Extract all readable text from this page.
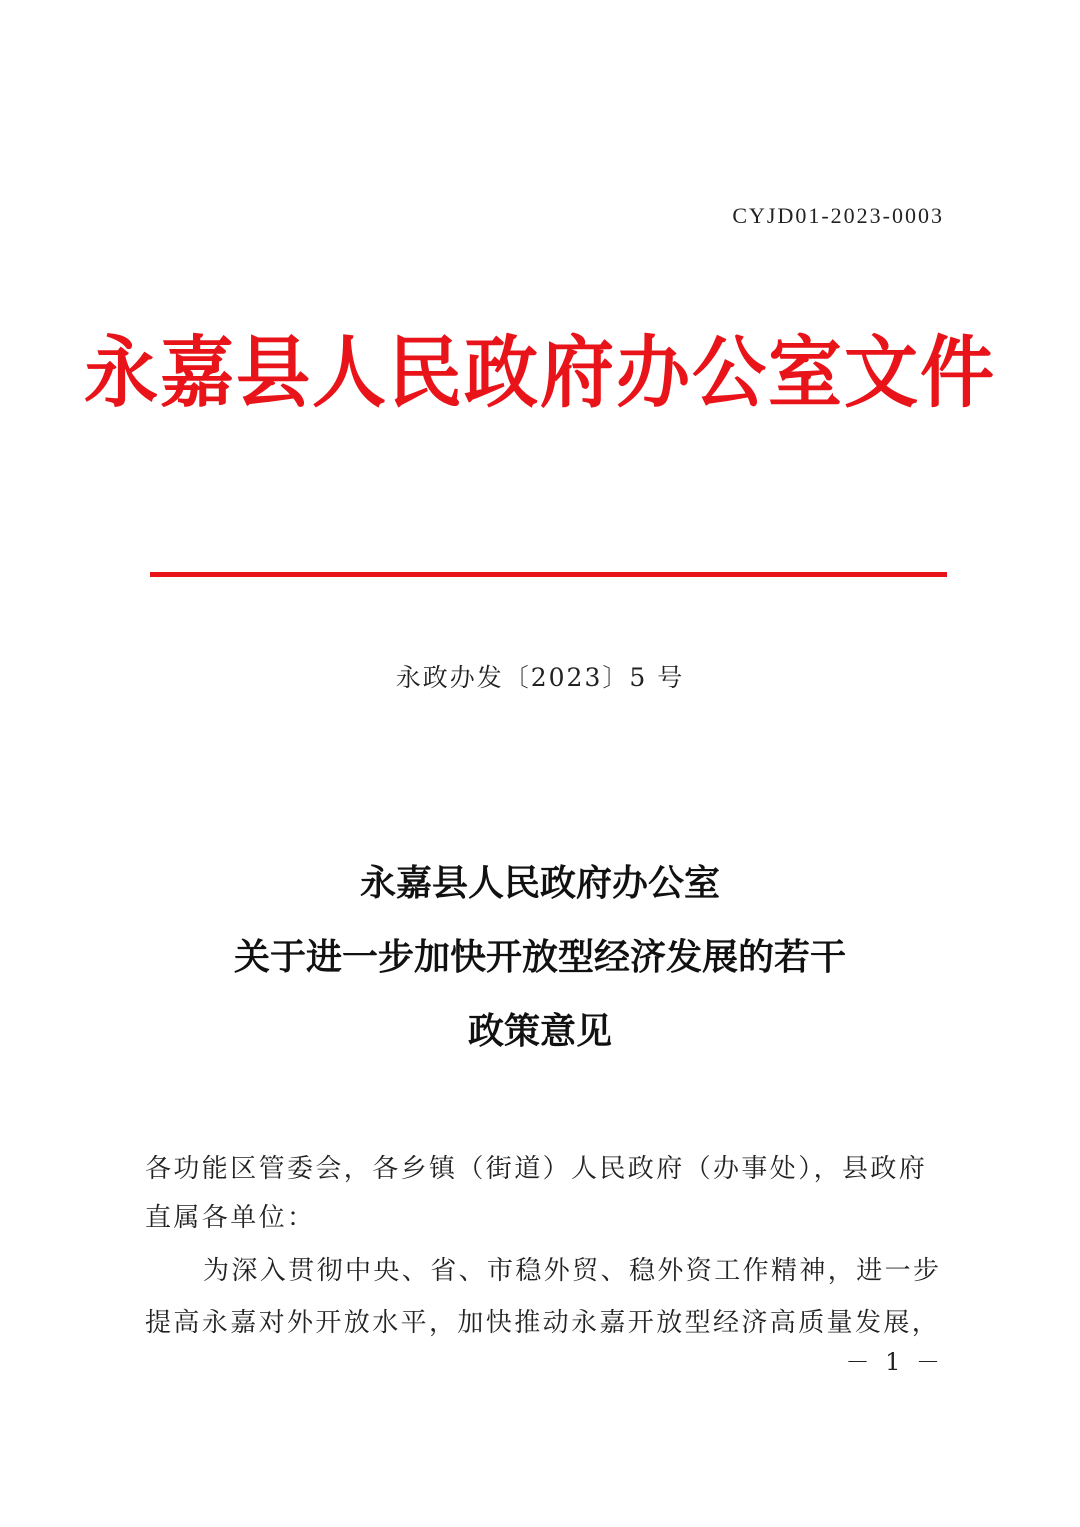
CYJD01-2023-0003
永嘉县人民政府办公室文件
永政办发〔2023〕5 号
永嘉县人民政府办公室
关于进一步加快开放型经济发展的若干
政策意见
各功能区管委会，各乡镇（街道）人民政府（办事处），县政府
直属各单位：
为深入贯彻中央、省、市稳外贸、稳外资工作精神，进一步
提高永嘉对外开放水平，加快推动永嘉开放型经济高质量发展，
－ 1 －
